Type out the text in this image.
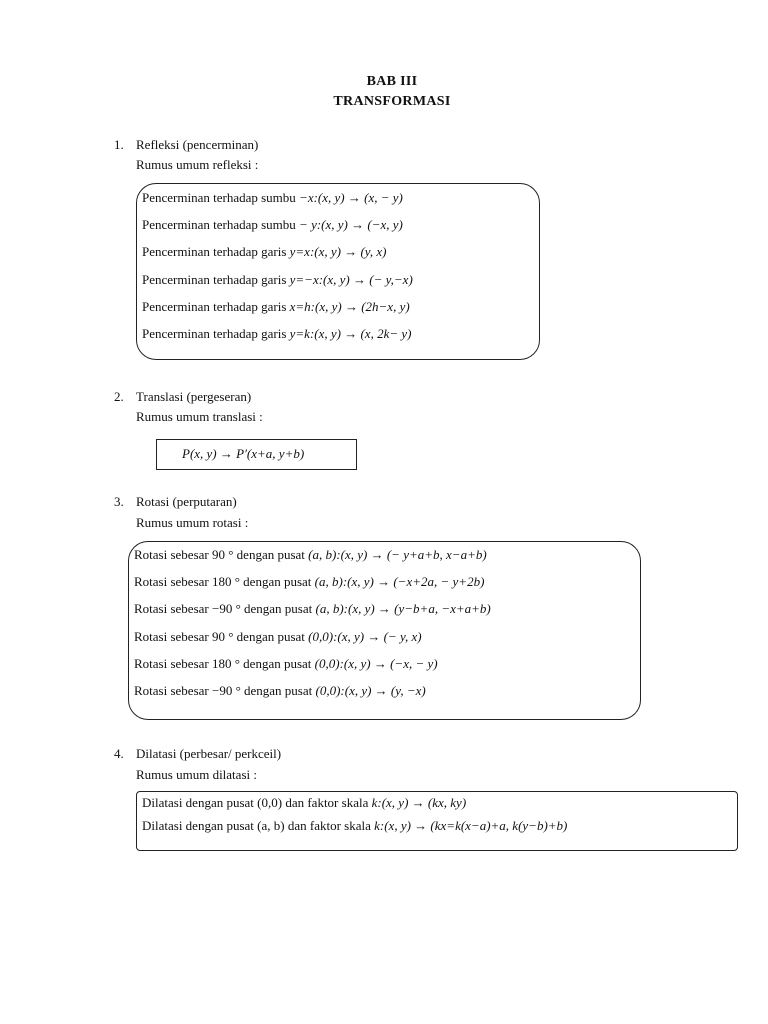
BAB III
TRANSFORMASI
1. Refleksi (pencerminan)
Rumus umum refleksi :
Pencerminan terhadap sumbu −x:(x, y) → (x, − y)
Pencerminan terhadap sumbu − y:(x, y) → (−x, y)
Pencerminan terhadap garis y=x:(x, y) → (y, x)
Pencerminan terhadap garis y=−x:(x, y) → (− y,−x)
Pencerminan terhadap garis x=h:(x, y) → (2h−x, y)
Pencerminan terhadap garis y=k:(x, y) → (x, 2k− y)
2. Translasi (pergeseran)
Rumus umum translasi :
P(x, y) → P′(x+a, y+b)
3. Rotasi (perputaran)
Rumus umum rotasi :
Rotasi sebesar 90 ° dengan pusat (a, b):(x, y) → (− y+a+b, x−a+b)
Rotasi sebesar 180 ° dengan pusat (a, b):(x, y) → (−x+2a, − y+2b)
Rotasi sebesar −90 ° dengan pusat (a, b):(x, y) → (y−b+a, −x+a+b)
Rotasi sebesar 90 ° dengan pusat (0,0):(x, y) → (− y, x)
Rotasi sebesar 180 ° dengan pusat (0,0):(x, y) → (−x, − y)
Rotasi sebesar −90 ° dengan pusat (0,0):(x, y) → (y, −x)
4. Dilatasi (perbesar/ perkceil)
Rumus umum dilatasi :
Dilatasi dengan pusat (0,0) dan faktor skala k:(x, y) → (kx, ky)
Dilatasi dengan pusat (a, b) dan faktor skala k:(x, y) → (kx=k(x−a)+a, k(y−b)+b)
